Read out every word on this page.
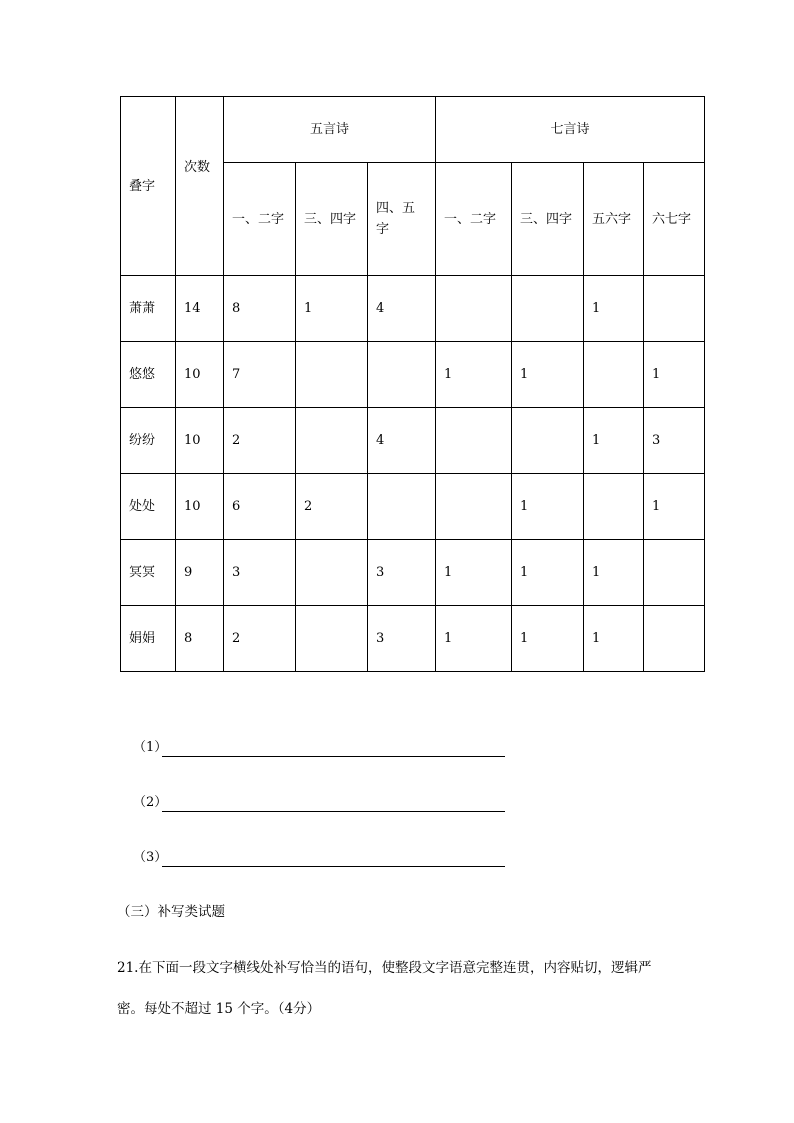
叠字	次数	五言诗			七言诗			
		一、二字	三、四字	四、五字	一、二字	三、四字	五六字	六七字
萧萧	14	8	1	4			1	
悠悠	10	7			1	1		1
纷纷	10	2		4			1	3
处处	10	6	2			1		1
冥冥	9	3		3	1	1	1	
娟娟	8	2		3	1	1	1	
（1）
（2）
（3）
（三）补写类试题
21.在下面一段文字横线处补写恰当的语句，使整段文字语意完整连贯，内容贴切，逻辑严
密。每处不超过 15 个字。（4分）
